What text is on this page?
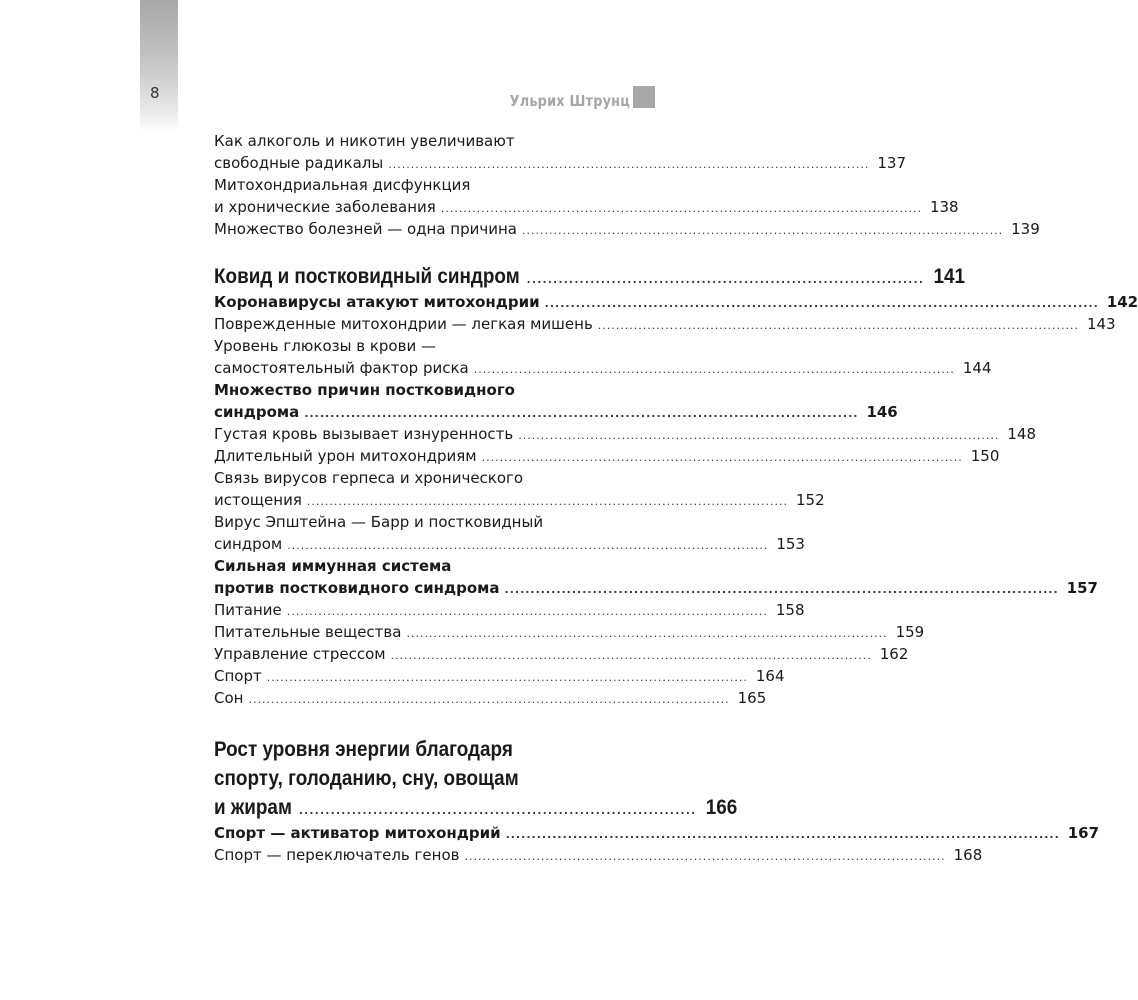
8	Ульрих Штрунц
Как алкоголь и никотин увеличивают
свободные радикалы ........................................................................................................... 137
Митохондриальная дисфункция
и хронические заболевания ........................................................................................................... 138
Множество болезней — одна причина ........................................................................................................... 139
Ковид и постковидный синдром ........................................................................... 141
Коронавирусы атакуют митохондрии ........................................................................................................... 142
Поврежденные митохондрии — легкая мишень ........................................................................................................... 143
Уровень глюкозы в крови —
самостоятельный фактор риска ........................................................................................................... 144
Множество причин постковидного
синдрома ........................................................................................................... 146
Густая кровь вызывает изнуренность ........................................................................................................... 148
Длительный урон митохондриям ........................................................................................................... 150
Связь вирусов герпеса и хронического
истощения ........................................................................................................... 152
Вирус Эпштейна — Барр и постковидный
синдром ........................................................................................................... 153
Сильная иммунная система
против постковидного синдрома ........................................................................................................... 157
Питание ........................................................................................................... 158
Питательные вещества ........................................................................................................... 159
Управление стрессом ........................................................................................................... 162
Спорт ........................................................................................................... 164
Сон ........................................................................................................... 165
Рост уровня энергии благодаря
спорту, голоданию, сну, овощам
и жирам ........................................................................... 166
Спорт — активатор митохондрий ........................................................................................................... 167
Спорт — переключатель генов ........................................................................................................... 168
